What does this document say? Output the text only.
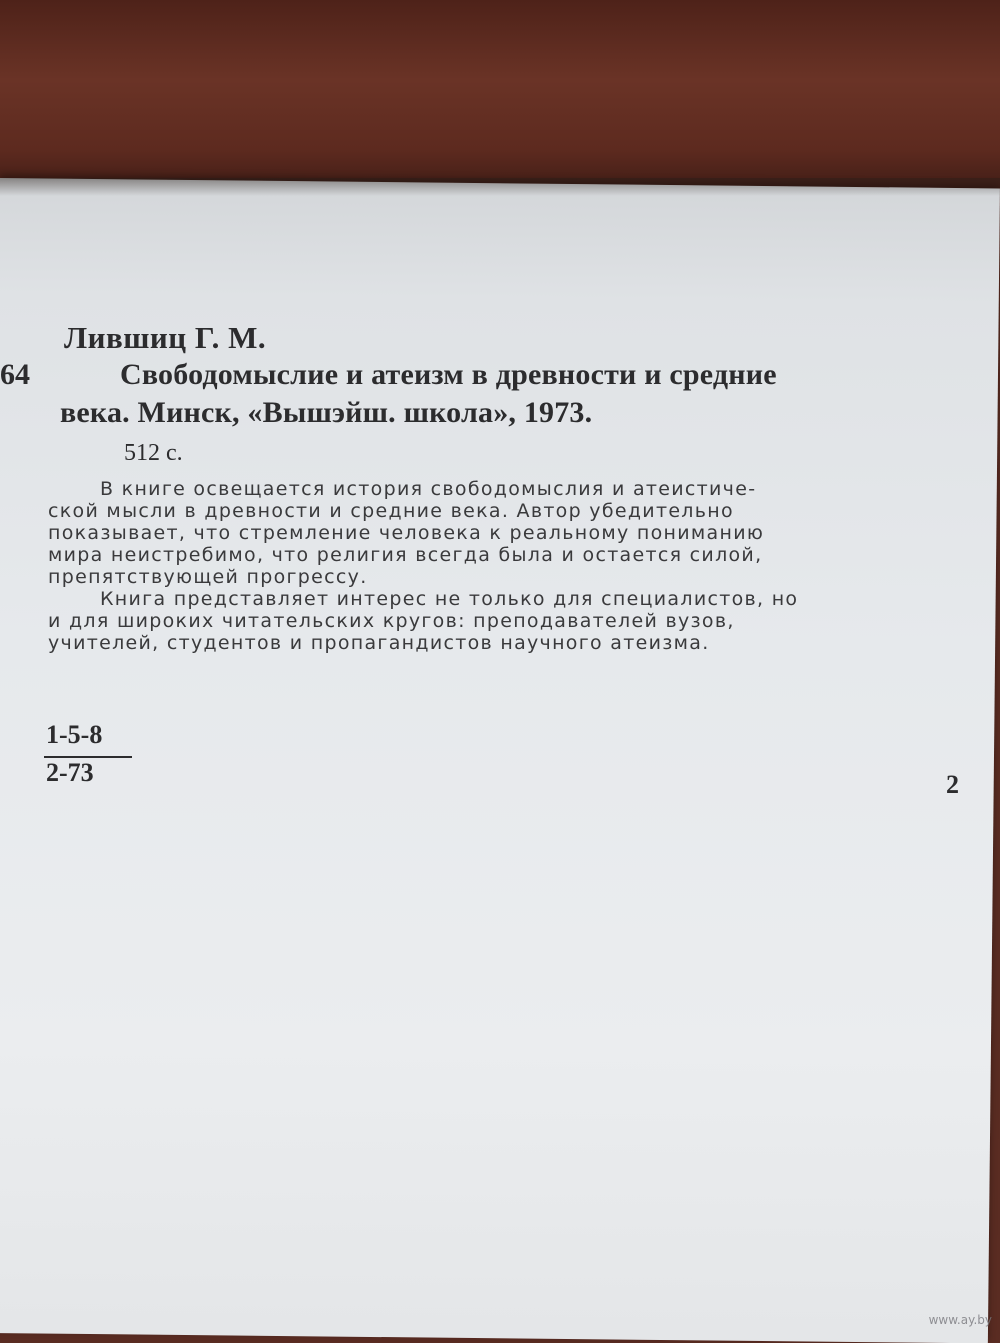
Лившиц Г. М.
64	Свободомыслие и атеизм в древности и средние
века. Минск, «Вышэйш. школа», 1973.
512 с.
В книге освещается история свободомыслия и атеистиче-
ской мысли в древности и средние века. Автор убедительно
показывает, что стремление человека к реальному пониманию
мира неистребимо, что религия всегда была и остается силой,
препятствующей прогрессу.
Книга представляет интерес не только для специалистов, но
и для широких читательских кругов: преподавателей вузов,
учителей, студентов и пропагандистов научного атеизма.
1-5-8
2-73	2
www.ay.by
